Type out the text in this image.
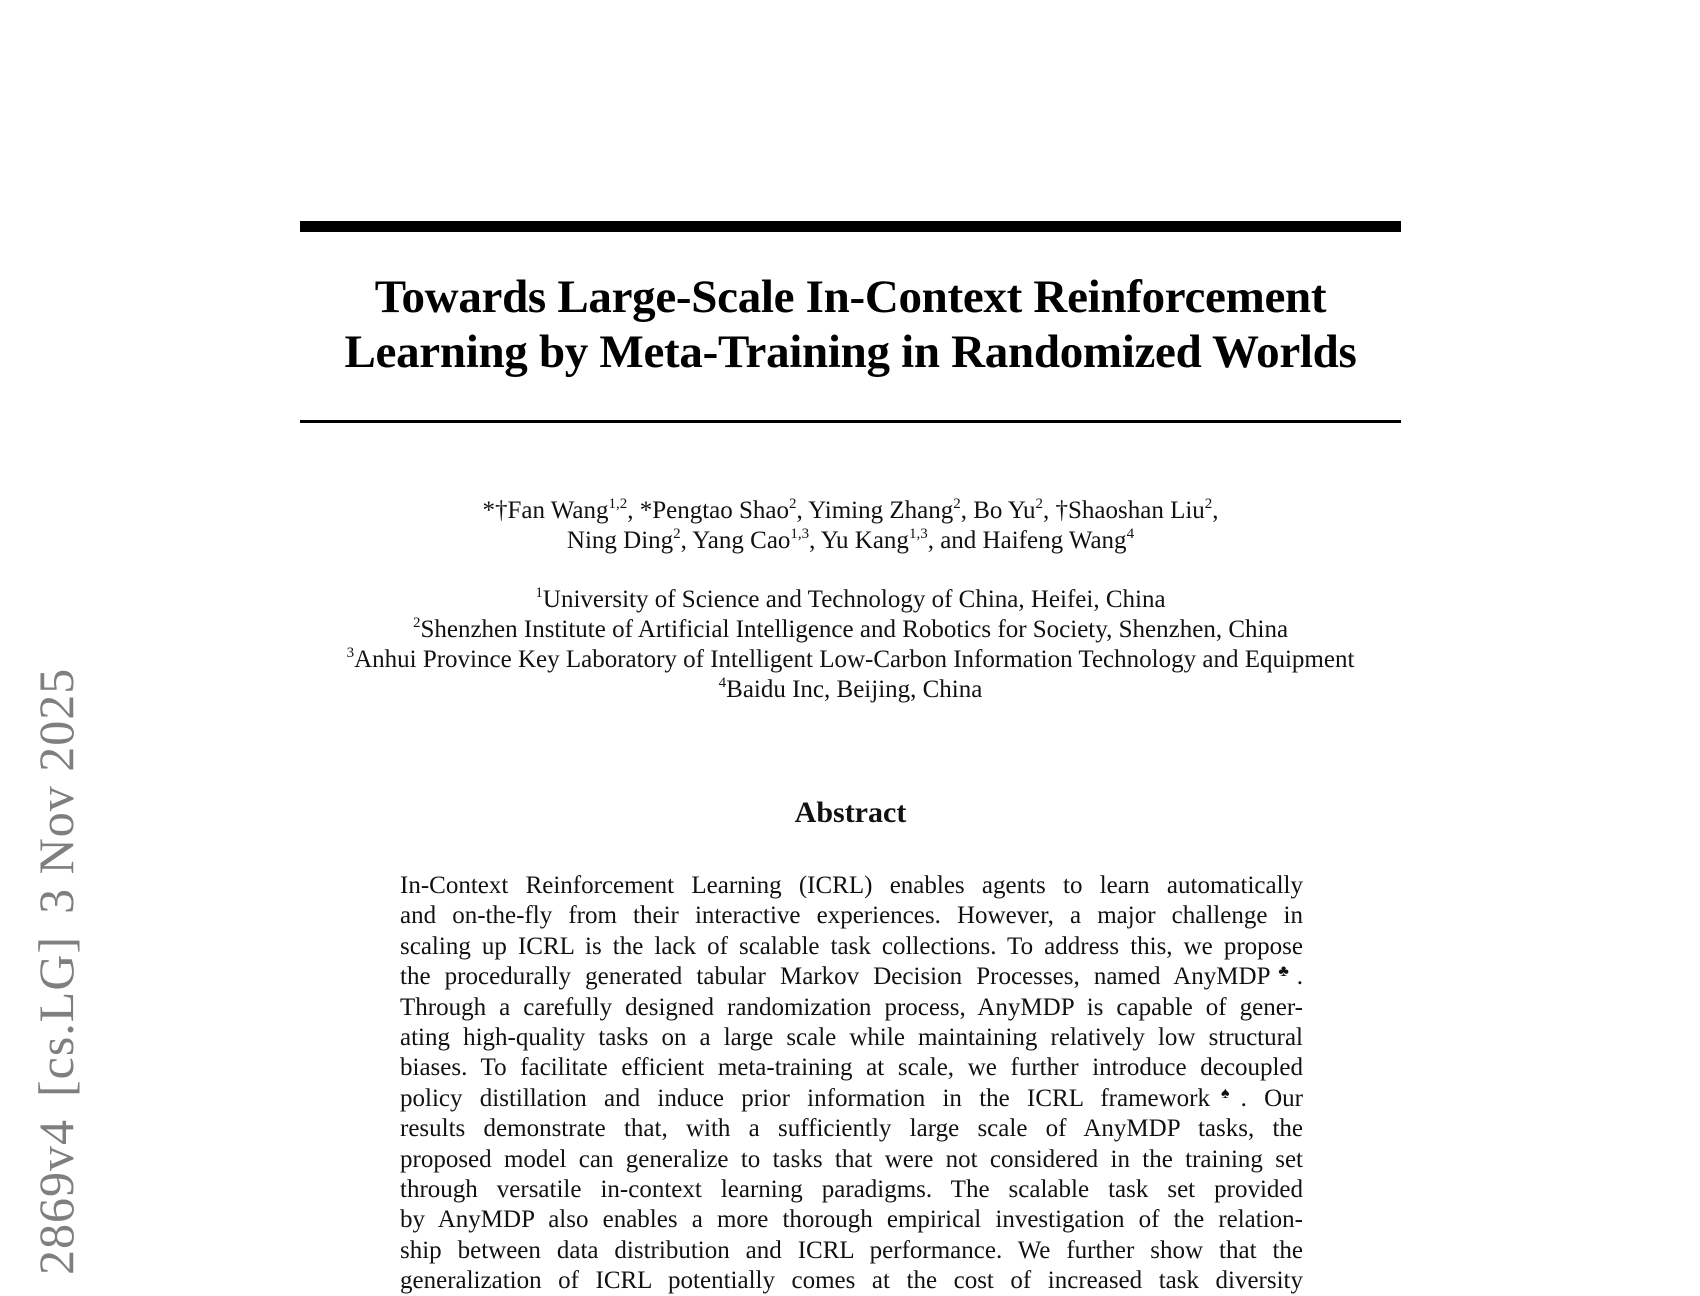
2869v4[cs.LG]3 Nov 2025
Towards Large-Scale In-Context Reinforcement
Learning by Meta-Training in Randomized Worlds
*†Fan Wang$^{1,2}$, *Pengtao Shao$^2$, Yiming Zhang$^2$, Bo Yu$^2$, †Shaoshan Liu$^2$,
Ning Ding$^2$, Yang Cao$^{1,3}$, Yu Kang$^{1,3}$, and Haifeng Wang$^4$
$^1$University of Science and Technology of China, Heifei, China
$^2$Shenzhen Institute of Artificial Intelligence and Robotics for Society, Shenzhen, China
$^3$Anhui Province Key Laboratory of Intelligent Low-Carbon Information Technology and Equipment
$^4$Baidu Inc, Beijing, China
Abstract
In-Context Reinforcement Learning (ICRL) enables agents to learn automatically
and on-the-fly from their interactive experiences. However, a major challenge in
scaling up ICRL is the lack of scalable task collections. To address this, we propose
the procedurally generated tabular Markov Decision Processes, named AnyMDP♣.
Through a carefully designed randomization process, AnyMDP is capable of gener-
ating high-quality tasks on a large scale while maintaining relatively low structural
biases. To facilitate efficient meta-training at scale, we further introduce decoupled
policy distillation and induce prior information in the ICRL framework♠. Our
results demonstrate that, with a sufficiently large scale of AnyMDP tasks, the
proposed model can generalize to tasks that were not considered in the training set
through versatile in-context learning paradigms. The scalable task set provided
by AnyMDP also enables a more thorough empirical investigation of the relation-
ship between data distribution and ICRL performance. We further show that the
generalization of ICRL potentially comes at the cost of increased task diversity
